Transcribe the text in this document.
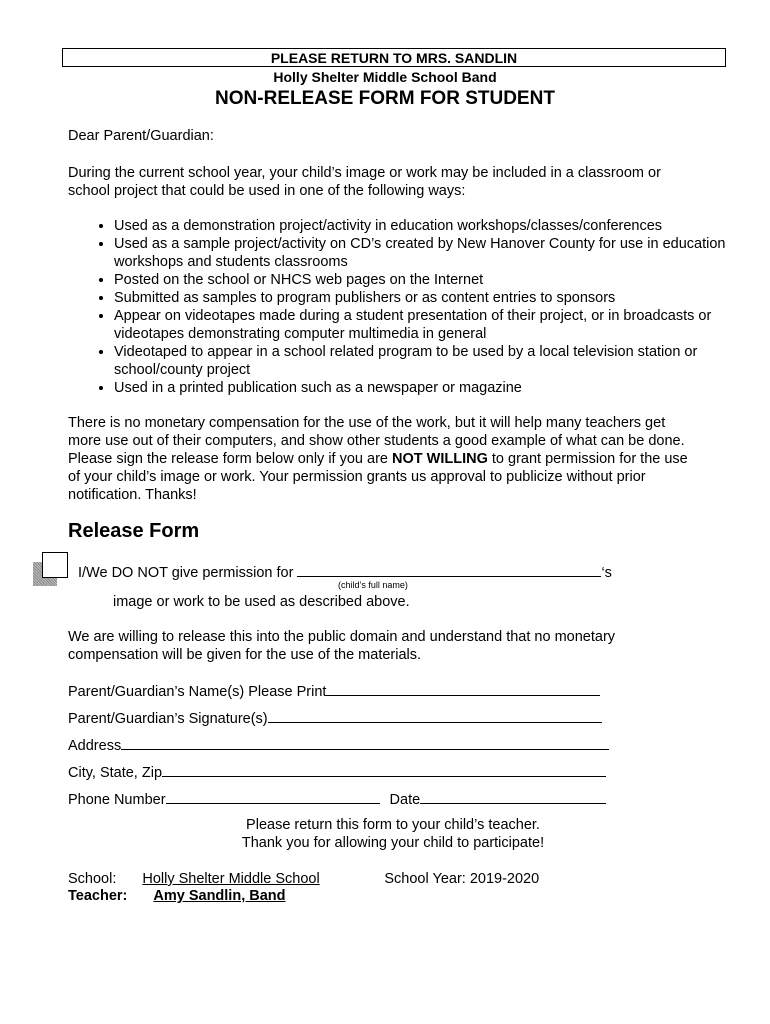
PLEASE RETURN TO MRS. SANDLIN
Holly Shelter Middle School Band
NON-RELEASE FORM FOR STUDENT
Dear Parent/Guardian:
During the current school year, your child’s image or work may be included in a classroom or
school project that could be used in one of the following ways:
• Used as a demonstration project/activity in education workshops/classes/conferences
• Used as a sample project/activity on CD’s created by New Hanover County for use in education workshops and students classrooms
• Posted on the school or NHCS web pages on the Internet
• Submitted as samples to program publishers or as content entries to sponsors
• Appear on videotapes made during a student presentation of their project, or in broadcasts or videotapes demonstrating computer multimedia in general
• Videotaped to appear in a school related program to be used by a local television station or school/county project
• Used in a printed publication such as a newspaper or magazine
There is no monetary compensation for the use of the work, but it will help many teachers get
more use out of their computers, and show other students a good example of what can be done.
Please sign the release form below only if you are NOT WILLING to grant permission for the use
of your child’s image or work. Your permission grants us approval to publicize without prior
notification. Thanks!
Release Form
I/We DO NOT give permission for	‘s
(child’s full name)
image or work to be used as described above.
We are willing to release this into the public domain and understand that no monetary
compensation will be given for the use of the materials.
Parent/Guardian’s Name(s) Please Print
Parent/Guardian’s Signature(s)
Address
City, State, Zip
Phone Number	Date
Please return this form to your child’s teacher.
Thank you for allowing your child to participate!
School: Holly Shelter Middle School	School Year: 2019-2020
Teacher: Amy Sandlin, Band
